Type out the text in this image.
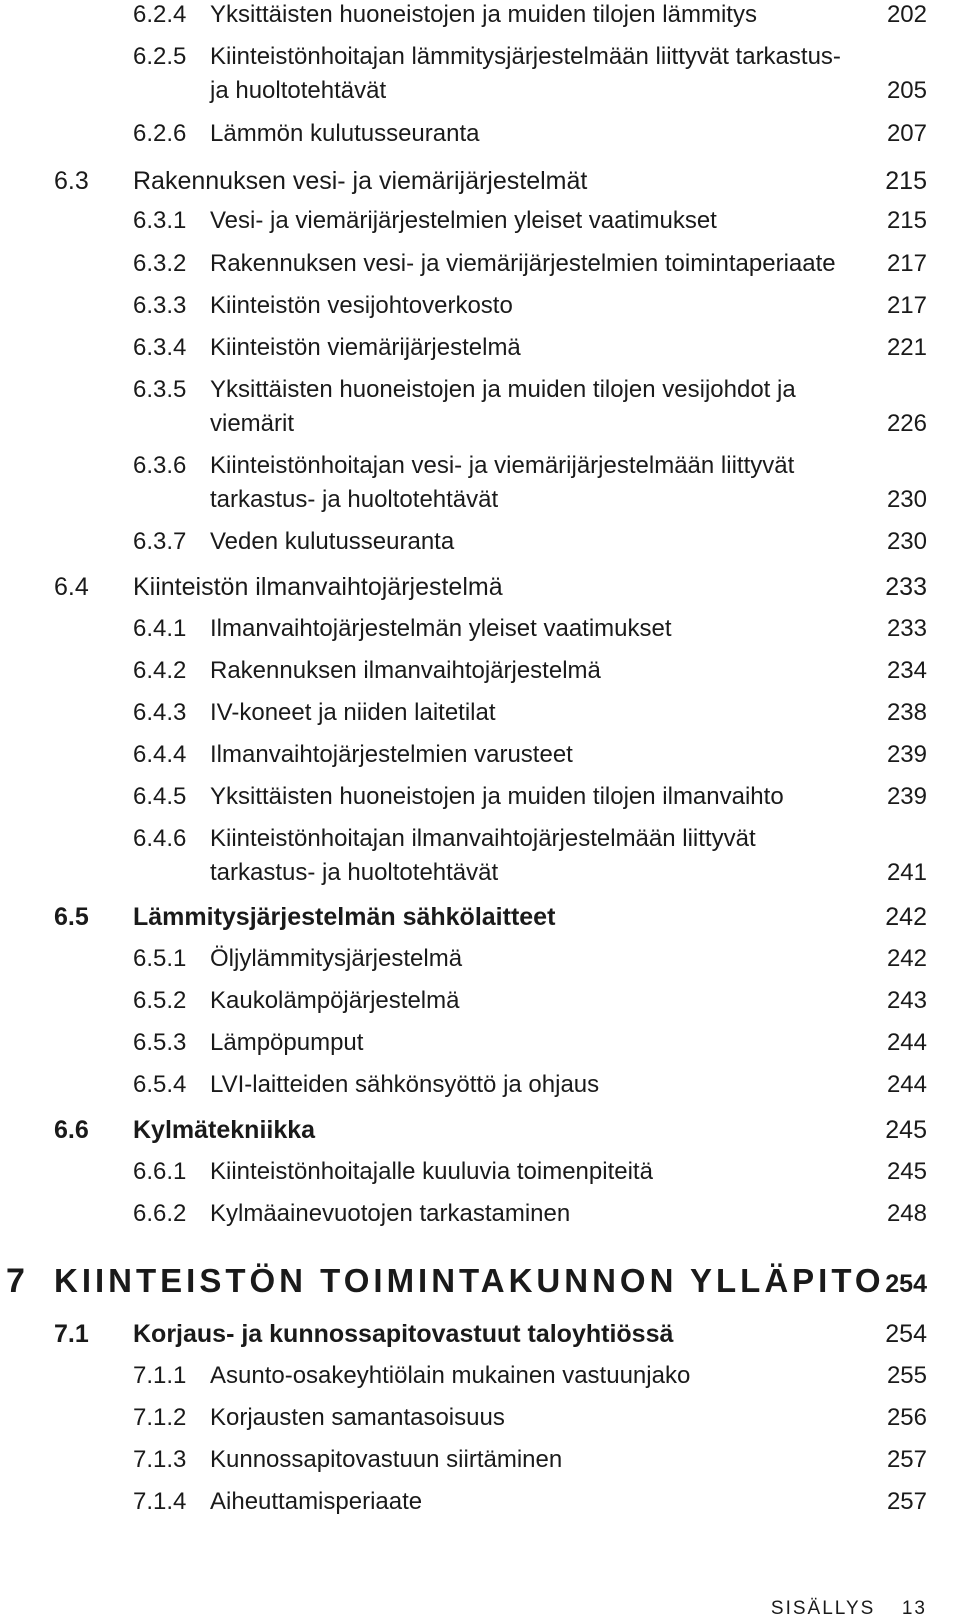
6.2.4 Yksittäisten huoneistojen ja muiden tilojen lämmitys	202
6.2.5 Kiinteistönhoitajan lämmitysjärjestelmään liittyvät tarkastus- ja huoltotehtävät	205
6.2.6 Lämmön kulutusseuranta	207
6.3 Rakennuksen vesi- ja viemärijärjestelmät	215
6.3.1 Vesi- ja viemärijärjestelmien yleiset vaatimukset	215
6.3.2 Rakennuksen vesi- ja viemärijärjestelmien toimintaperiaate 217
6.3.3 Kiinteistön vesijohtoverkosto	217
6.3.4 Kiinteistön viemärijärjestelmä	221
6.3.5 Yksittäisten huoneistojen ja muiden tilojen vesijohdot ja viemärit	226
6.3.6 Kiinteistönhoitajan vesi- ja viemärijärjestelmään liittyvät tarkastus- ja huoltotehtävät	230
6.3.7 Veden kulutusseuranta	230
6.4 Kiinteistön ilmanvaihtojärjestelmä	233
6.4.1 Ilmanvaihtojärjestelmän yleiset vaatimukset	233
6.4.2 Rakennuksen ilmanvaihtojärjestelmä	234
6.4.3 IV-koneet ja niiden laitetilat	238
6.4.4 Ilmanvaihtojärjestelmien varusteet	239
6.4.5 Yksittäisten huoneistojen ja muiden tilojen ilmanvaihto	239
6.4.6 Kiinteistönhoitajan ilmanvaihtojärjestelmään liittyvät tarkastus- ja huoltotehtävät	241
6.5 Lämmitysjärjestelmän sähkölaitteet	242
6.5.1 Öljylämmitysjärjestelmä	242
6.5.2 Kaukolämpöjärjestelmä	243
6.5.3 Lämpöpumput	244
6.5.4 LVI-laitteiden sähkönsyöttö ja ohjaus	244
6.6 Kylmätekniikka	245
6.6.1 Kiinteistönhoitajalle kuuluvia toimenpiteitä	245
6.6.2 Kylmäainevuotojen tarkastaminen	248
7 KIINTEISTÖN TOIMINTAKUNNON YLLÄPITO 254
7.1 Korjaus- ja kunnossapitovastuut taloyhtiössä	254
7.1.1 Asunto-osakeyhtiölain mukainen vastuunjako	255
7.1.2 Korjausten samantasoisuus	256
7.1.3 Kunnossapitovastuun siirtäminen	257
7.1.4 Aiheuttamisperiaate	257
SISÄLLYS 13
